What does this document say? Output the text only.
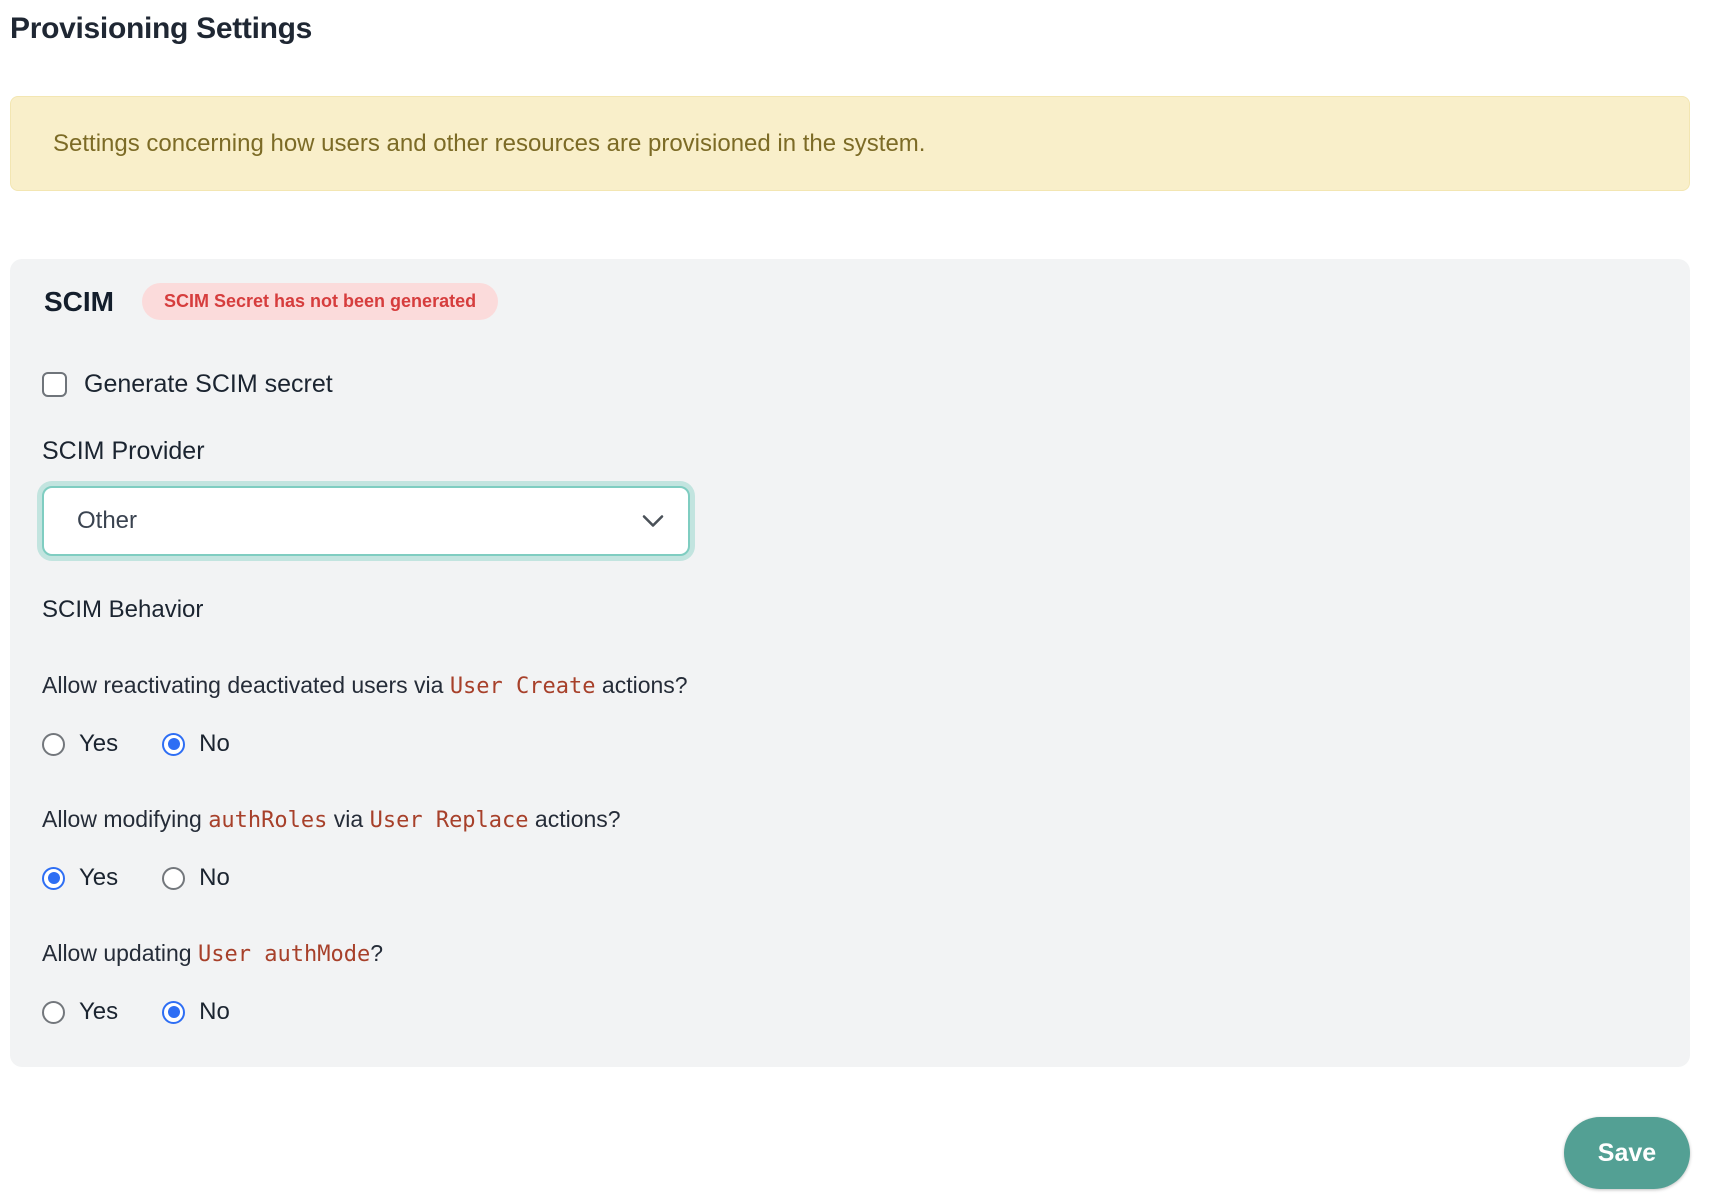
Provisioning Settings
Settings concerning how users and other resources are provisioned in the system.
SCIM	SCIM Secret has not been generated
Generate SCIM secret
SCIM Provider
Other
SCIM Behavior
Allow reactivating deactivated users via User Create actions?
Yes	No
Allow modifying authRoles via User Replace actions?
Yes	No
Allow updating User authMode?
Yes	No
Save
